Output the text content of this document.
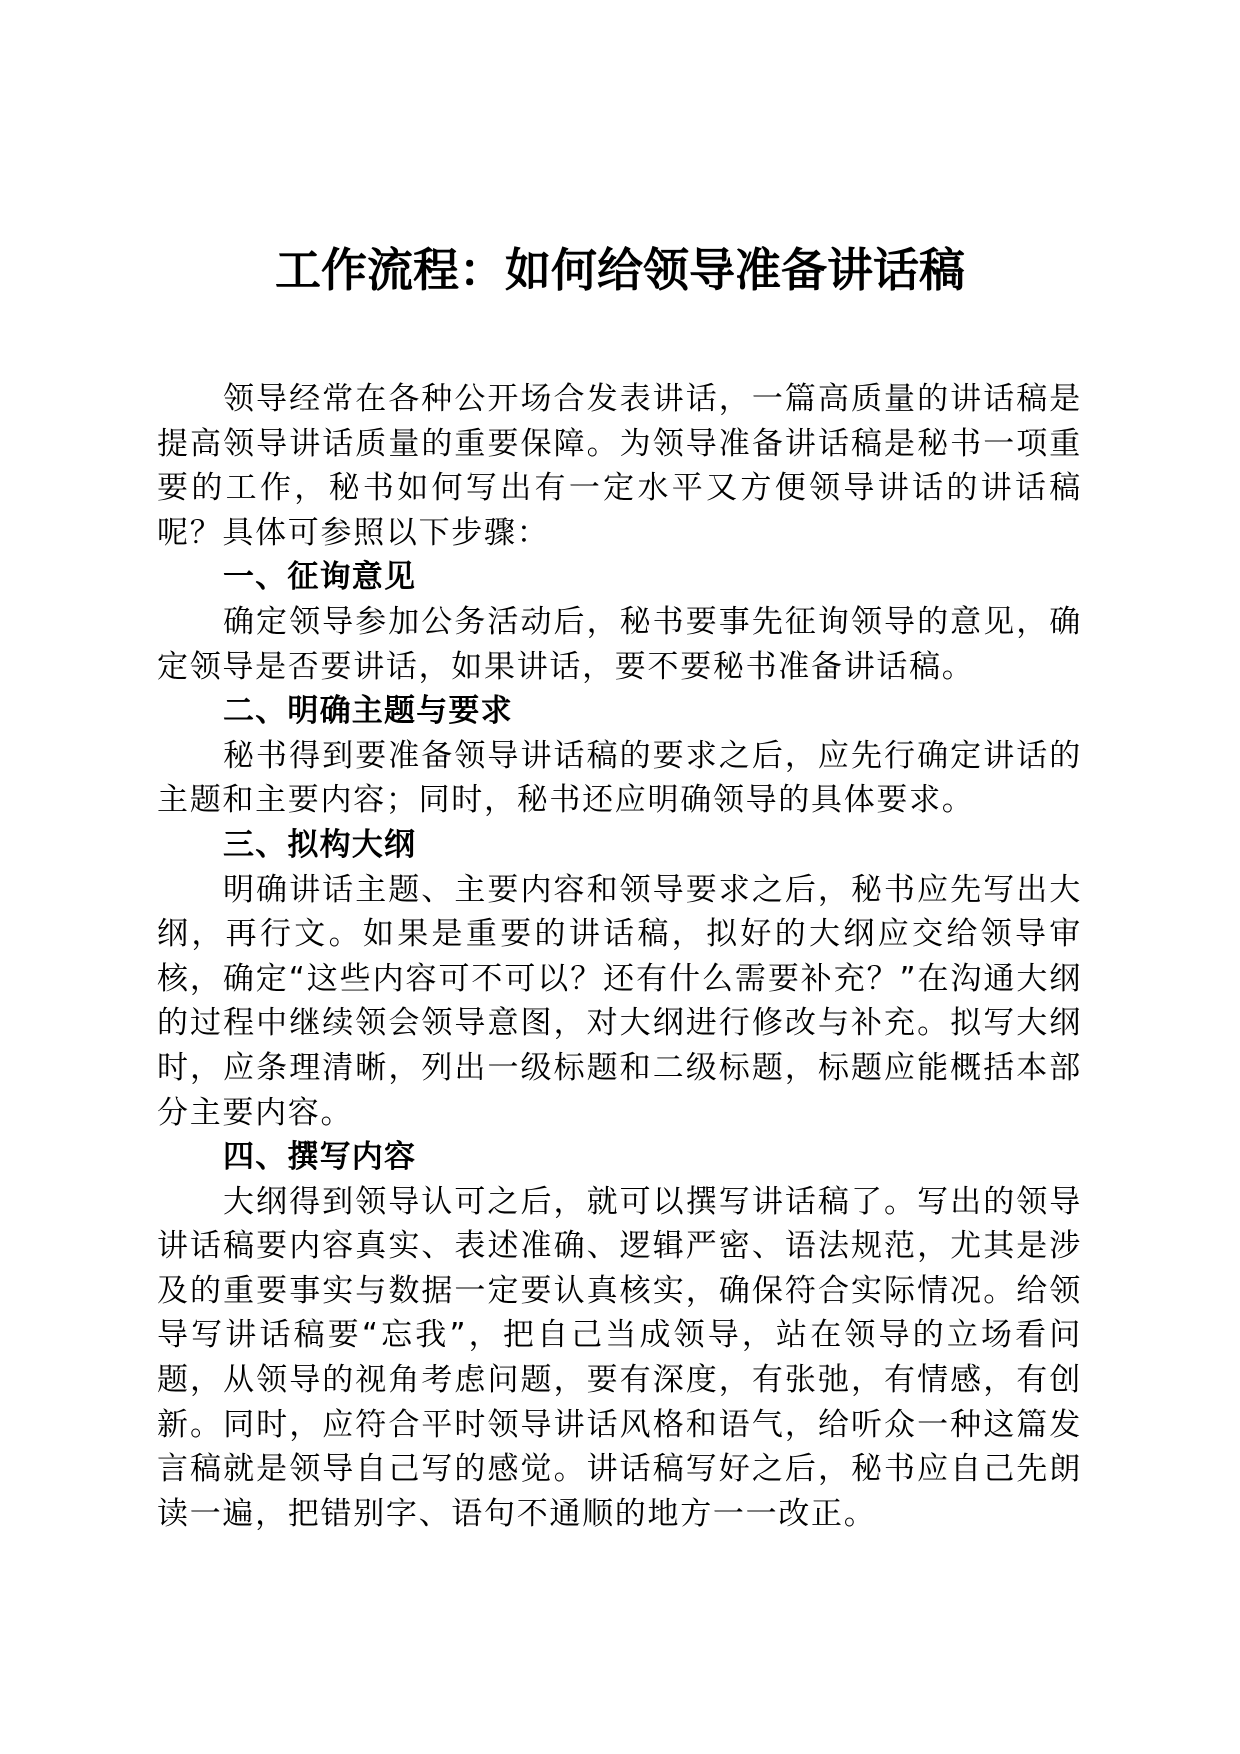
工作流程：如何给领导准备讲话稿

领导经常在各种公开场合发表讲话，一篇高质量的讲话稿是提高领导讲话质量的重要保障。为领导准备讲话稿是秘书一项重要的工作，秘书如何写出有一定水平又方便领导讲话的讲话稿呢？具体可参照以下步骤：

一、征询意见

确定领导参加公务活动后，秘书要事先征询领导的意见，确定领导是否要讲话，如果讲话，要不要秘书准备讲话稿。

二、明确主题与要求

秘书得到要准备领导讲话稿的要求之后，应先行确定讲话的主题和主要内容；同时，秘书还应明确领导的具体要求。

三、拟构大纲

明确讲话主题、主要内容和领导要求之后，秘书应先写出大纲，再行文。如果是重要的讲话稿，拟好的大纲应交给领导审核，确定“这些内容可不可以？还有什么需要补充？”在沟通大纲的过程中继续领会领导意图，对大纲进行修改与补充。拟写大纲时，应条理清晰，列出一级标题和二级标题，标题应能概括本部分主要内容。

四、撰写内容

大纲得到领导认可之后，就可以撰写讲话稿了。写出的领导讲话稿要内容真实、表述准确、逻辑严密、语法规范，尤其是涉及的重要事实与数据一定要认真核实，确保符合实际情况。给领导写讲话稿要“忘我”，把自己当成领导，站在领导的立场看问题，从领导的视角考虑问题，要有深度，有张弛，有情感，有创新。同时，应符合平时领导讲话风格和语气，给听众一种这篇发言稿就是领导自己写的感觉。讲话稿写好之后，秘书应自己先朗读一遍，把错别字、语句不通顺的地方一一改正。
